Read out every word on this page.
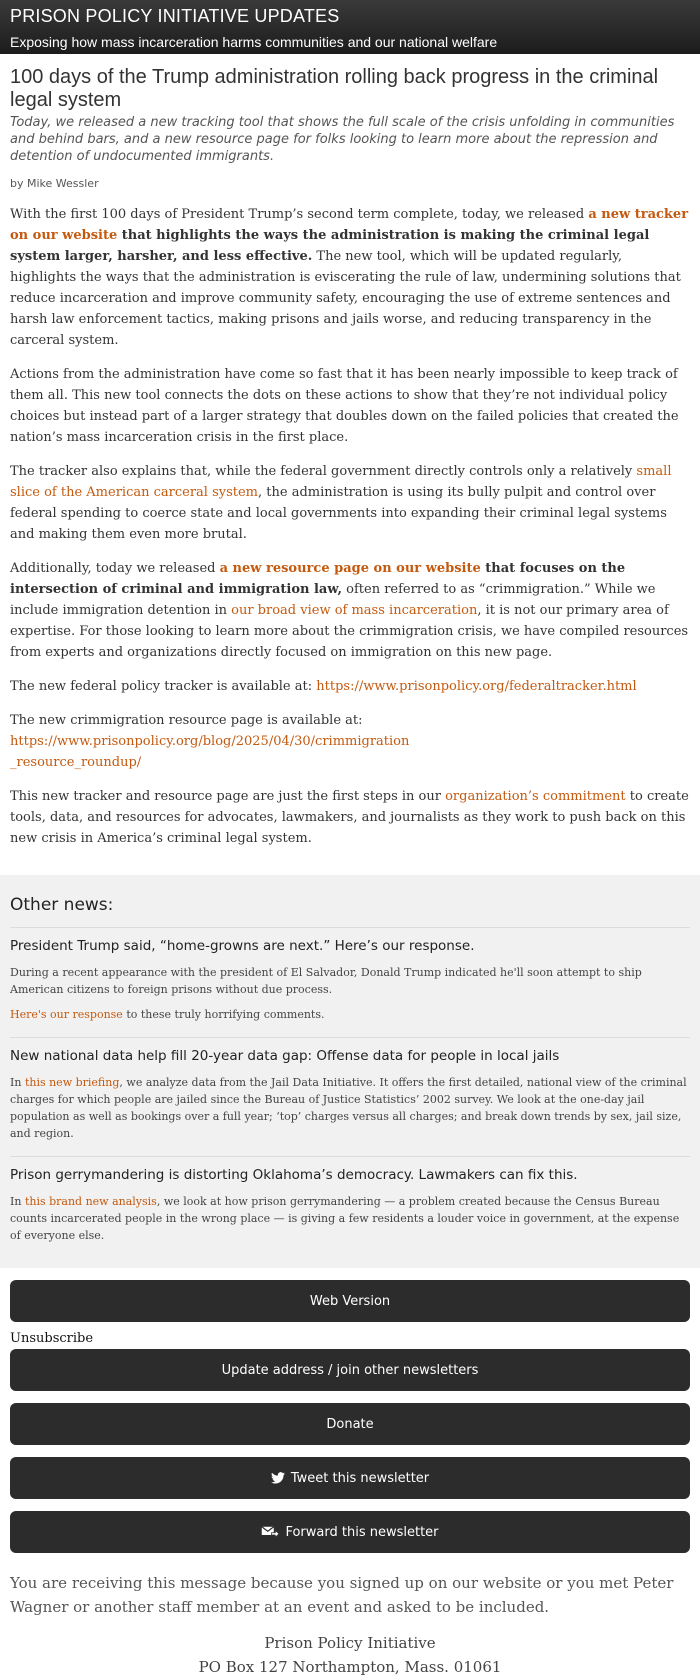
PRISON POLICY INITIATIVE UPDATES
Exposing how mass incarceration harms communities and our national welfare
100 days of the Trump administration rolling back progress in the criminal legal system
Today, we released a new tracking tool that shows the full scale of the crisis unfolding in communities and behind bars, and a new resource page for folks looking to learn more about the repression and detention of undocumented immigrants.
by Mike Wessler

With the first 100 days of President Trump’s second term complete, today, we released a new tracker on our website that highlights the ways the administration is making the criminal legal system larger, harsher, and less effective. The new tool, which will be updated regularly, highlights the ways that the administration is eviscerating the rule of law, undermining solutions that reduce incarceration and improve community safety, encouraging the use of extreme sentences and harsh law enforcement tactics, making prisons and jails worse, and reducing transparency in the carceral system.

Actions from the administration have come so fast that it has been nearly impossible to keep track of them all. This new tool connects the dots on these actions to show that they’re not individual policy choices but instead part of a larger strategy that doubles down on the failed policies that created the nation’s mass incarceration crisis in the first place.

The tracker also explains that, while the federal government directly controls only a relatively small slice of the American carceral system, the administration is using its bully pulpit and control over federal spending to coerce state and local governments into expanding their criminal legal systems and making them even more brutal.

Additionally, today we released a new resource page on our website that focuses on the intersection of criminal and immigration law, often referred to as “crimmigration.” While we include immigration detention in our broad view of mass incarceration, it is not our primary area of expertise. For those looking to learn more about the crimmigration crisis, we have compiled resources from experts and organizations directly focused on immigration on this new page.

The new federal policy tracker is available at: https://www.prisonpolicy.org/federaltracker.html

The new crimmigration resource page is available at:
https://www.prisonpolicy.org/blog/2025/04/30/crimmigration
_resource_roundup/

This new tracker and resource page are just the first steps in our organization’s commitment to create tools, data, and resources for advocates, lawmakers, and journalists as they work to push back on this new crisis in America’s criminal legal system.

Other news:
President Trump said, “home-growns are next.” Here’s our response.

During a recent appearance with the president of El Salvador, Donald Trump indicated he'll soon attempt to ship American citizens to foreign prisons without due process.

Here's our response to these truly horrifying comments.

New national data help fill 20-year data gap: Offense data for people in local jails

In this new briefing, we analyze data from the Jail Data Initiative. It offers the first detailed, national view of the criminal charges for which people are jailed since the Bureau of Justice Statistics’ 2002 survey. We look at the one-day jail population as well as bookings over a full year; ‘top’ charges versus all charges; and break down trends by sex, jail size, and region.

Prison gerrymandering is distorting Oklahoma’s democracy. Lawmakers can fix this.

In this brand new analysis, we look at how prison gerrymandering — a problem created because the Census Bureau counts incarcerated people in the wrong place — is giving a few residents a louder voice in government, at the expense of everyone else.

Web Version
Unsubscribe
Update address / join other newsletters
Donate
Tweet this newsletter
Forward this newsletter
You are receiving this message because you signed up on our website or you met Peter Wagner or another staff member at an event and asked to be included.
Prison Policy Initiative
PO Box 127 Northampton, Mass. 01061
